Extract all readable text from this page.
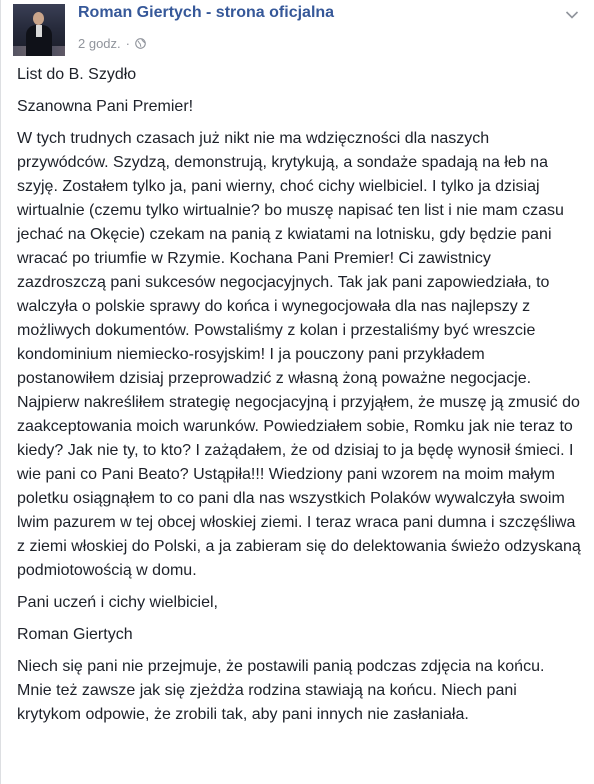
Roman Giertych - strona oficjalna
2 godz. ·

List do B. Szydło

Szanowna Pani Premier!

W tych trudnych czasach już nikt nie ma wdzięczności dla naszych przywódców. Szydzą, demonstrują, krytykują, a sondaże spadają na łeb na szyję. Zostałem tylko ja, pani wierny, choć cichy wielbiciel. I tylko ja dzisiaj wirtualnie (czemu tylko wirtualnie? bo muszę napisać ten list i nie mam czasu jechać na Okęcie) czekam na panią z kwiatami na lotnisku, gdy będzie pani wracać po triumfie w Rzymie. Kochana Pani Premier! Ci zawistnicy zazdroszczą pani sukcesów negocjacyjnych. Tak jak pani zapowiedziała, to walczyła o polskie sprawy do końca i wynegocjowała dla nas najlepszy z możliwych dokumentów. Powstaliśmy z kolan i przestaliśmy być wreszcie kondominium niemiecko-rosyjskim! I ja pouczony pani przykładem postanowiłem dzisiaj przeprowadzić z własną żoną poważne negocjacje. Najpierw nakreśliłem strategię negocjacyjną i przyjąłem, że muszę ją zmusić do zaakceptowania moich warunków. Powiedziałem sobie, Romku jak nie teraz to kiedy? Jak nie ty, to kto? I zażądałem, że od dzisiaj to ja będę wynosił śmieci. I wie pani co Pani Beato? Ustąpiła!!! Wiedziony pani wzorem na moim małym poletku osiągnąłem to co pani dla nas wszystkich Polaków wywalczyła swoim lwim pazurem w tej obcej włoskiej ziemi. I teraz wraca pani dumna i szczęśliwa z ziemi włoskiej do Polski, a ja zabieram się do delektowania świeżo odzyskaną podmiotowością w domu.

Pani uczeń i cichy wielbiciel,

Roman Giertych

Niech się pani nie przejmuje, że postawili panią podczas zdjęcia na końcu. Mnie też zawsze jak się zjeżdża rodzina stawiają na końcu. Niech pani krytykom odpowie, że zrobili tak, aby pani innych nie zasłaniała.
